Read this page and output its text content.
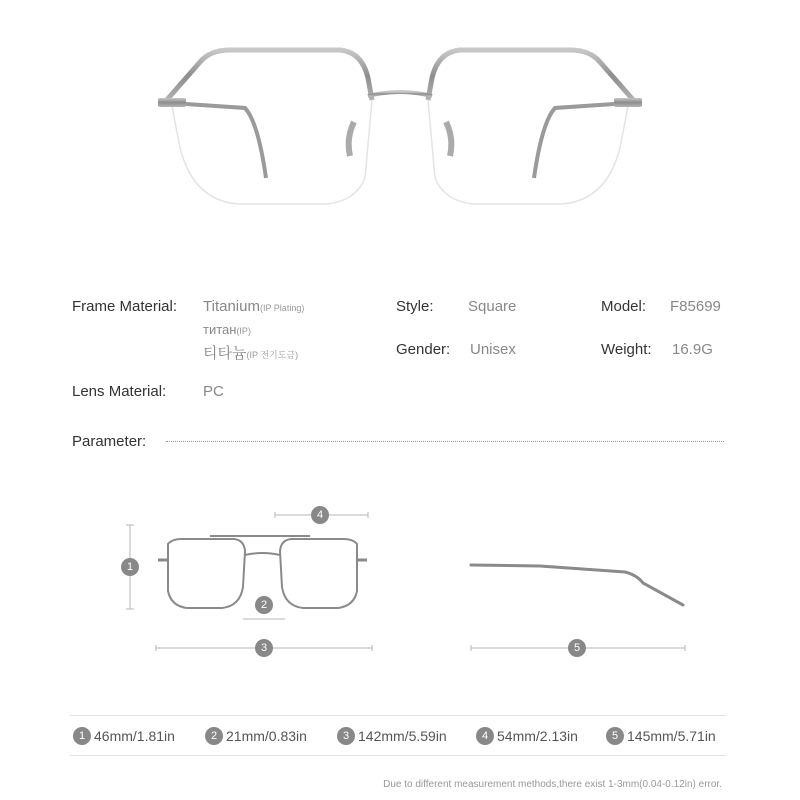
Frame Material: Titanium(IP Plating)
титан(IP)
티타늄(IP 전기도금)
Style: Square	Model: F85699
Gender: Unisex	Weight: 16.9G
Lens Material: PC
Parameter:
1
4
2
3	5
1 46mm/1.81in	2 21mm/0.83in	3 142mm/5.59in	4 54mm/2.13in	5 145mm/5.71in
Due to different measurement methods,there exist 1-3mm(0.04-0.12in) error.
